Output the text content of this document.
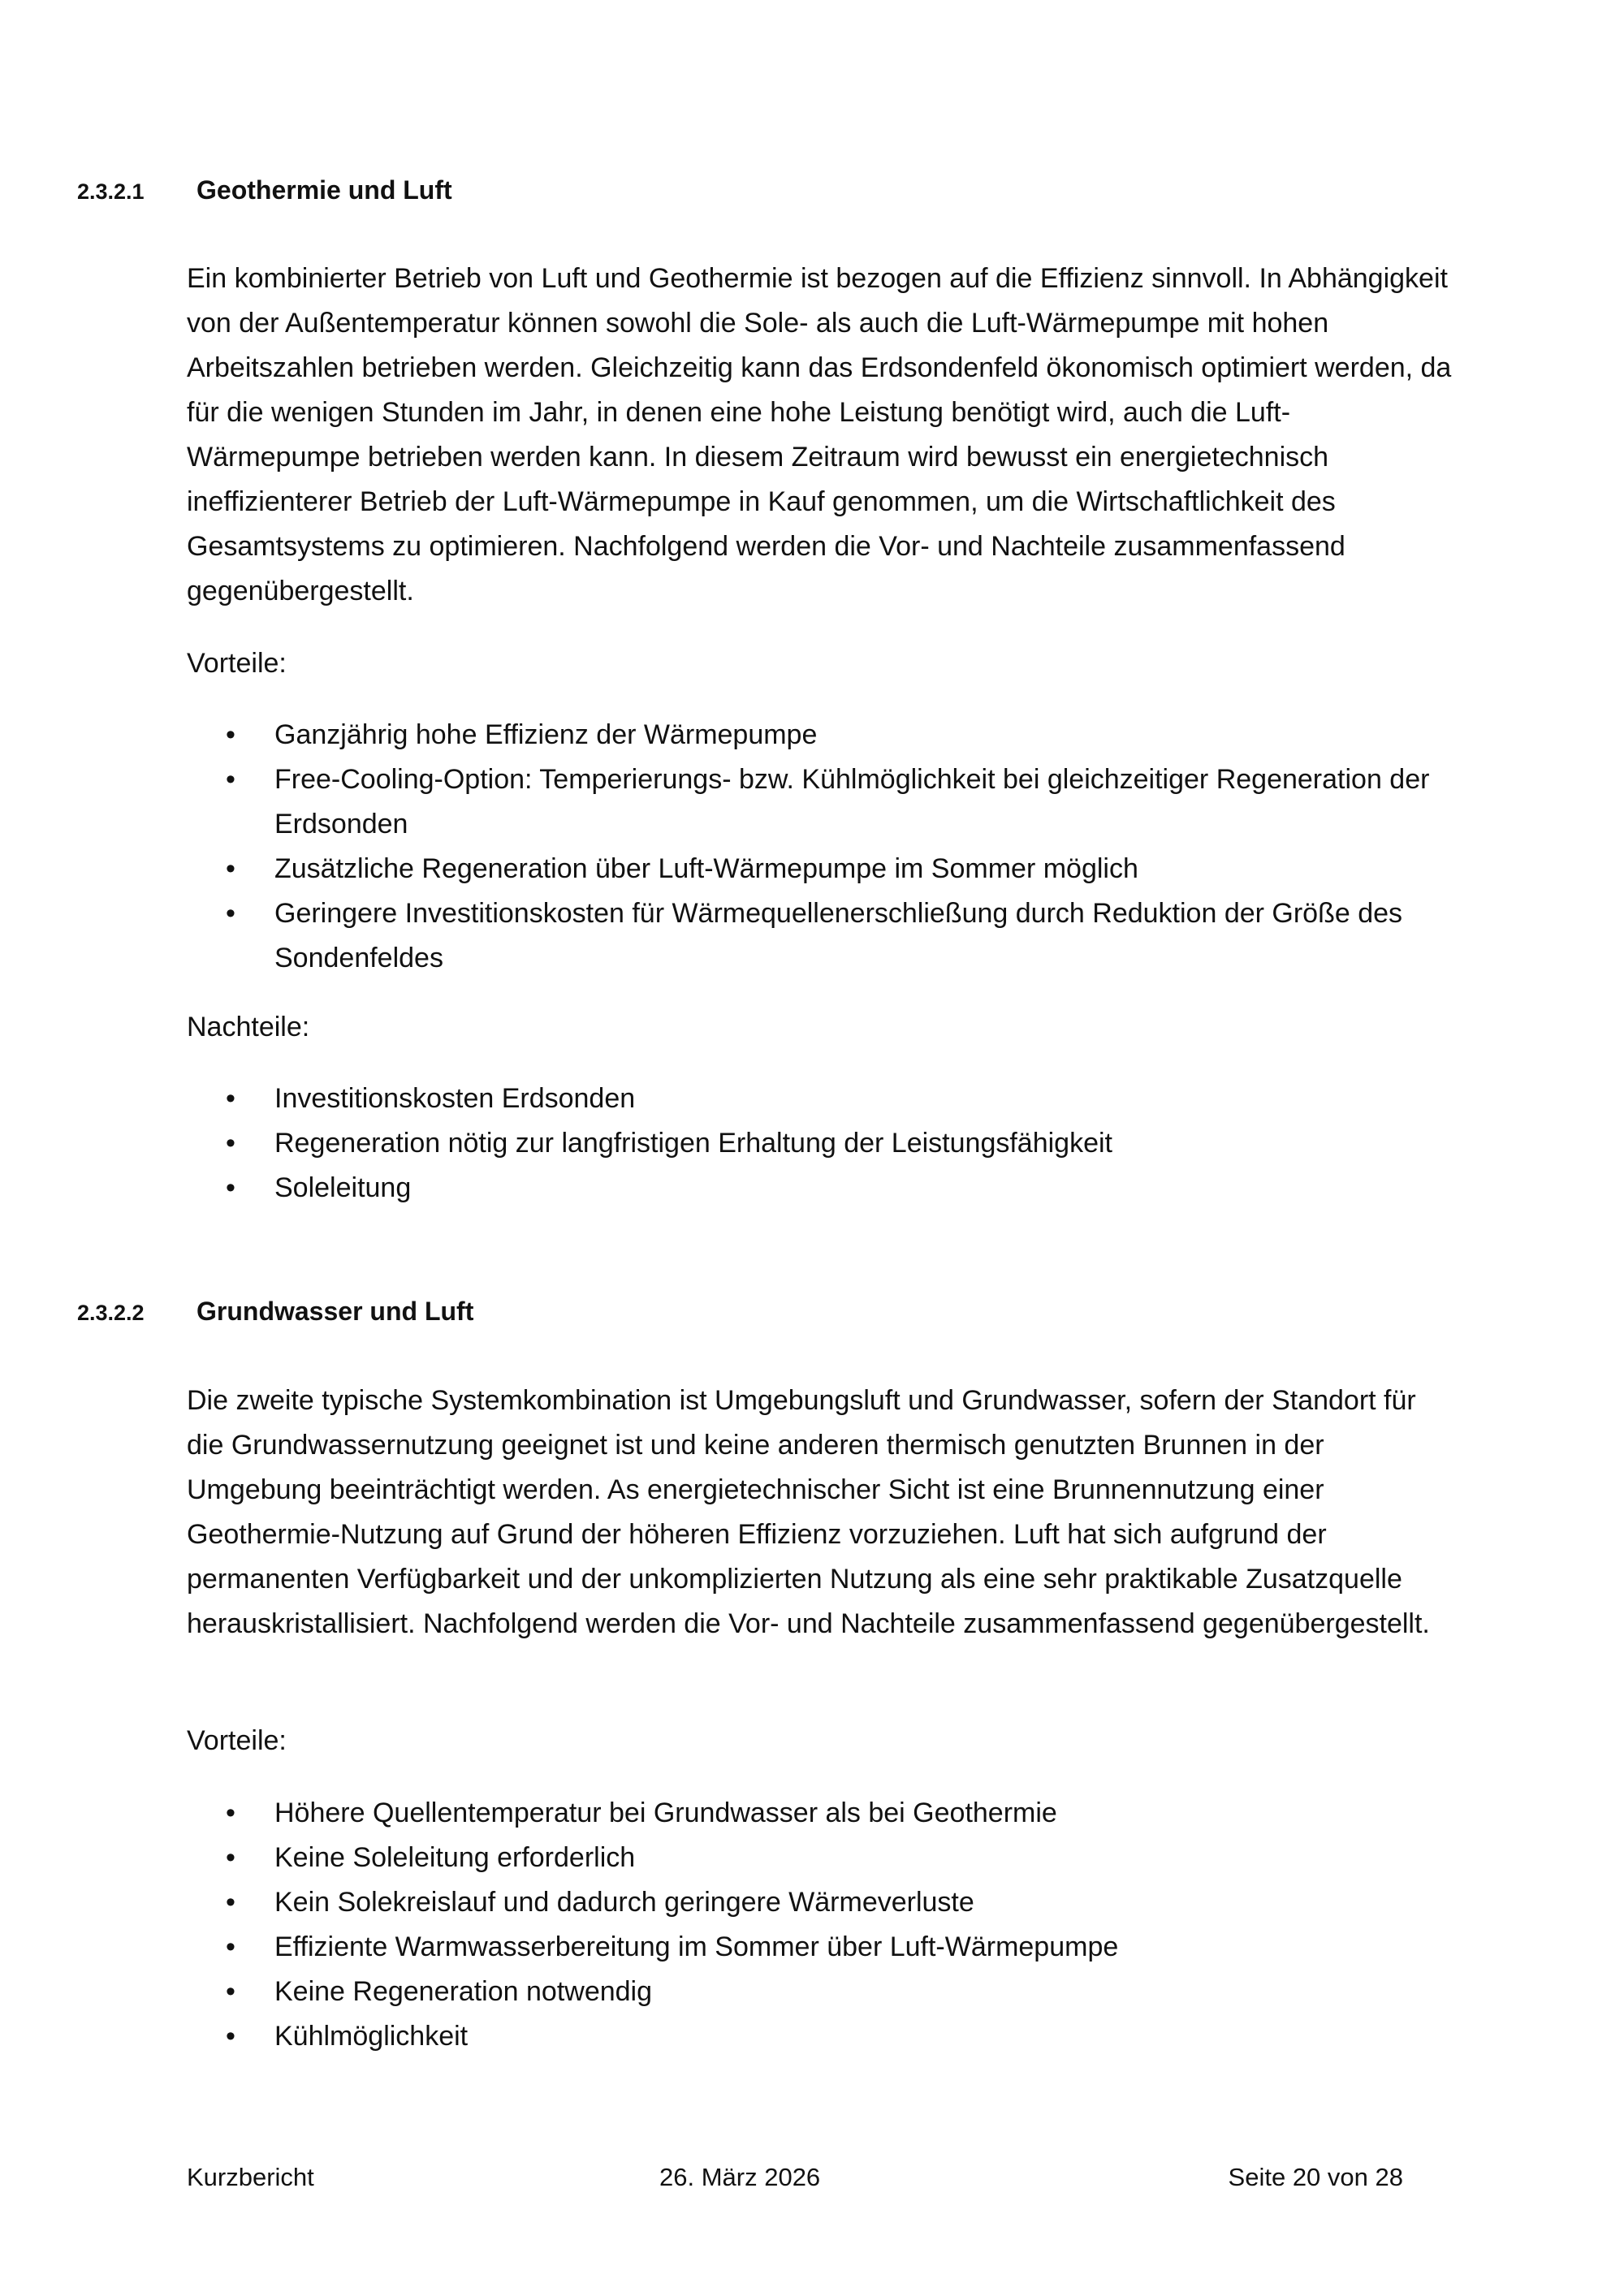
2.3.2.1	Geothermie und Luft

Ein kombinierter Betrieb von Luft und Geothermie ist bezogen auf die Effizienz sinnvoll. In Abhängigkeit von der Außentemperatur können sowohl die Sole- als auch die Luft-Wärmepumpe mit hohen Arbeitszahlen betrieben werden. Gleichzeitig kann das Erdsondenfeld ökonomisch optimiert werden, da für die wenigen Stunden im Jahr, in denen eine hohe Leistung benötigt wird, auch die Luft-Wärmepumpe betrieben werden kann. In diesem Zeitraum wird bewusst ein energietechnisch ineffizienterer Betrieb der Luft-Wärmepumpe in Kauf genommen, um die Wirtschaftlichkeit des Gesamtsystems zu optimieren. Nachfolgend werden die Vor- und Nachteile zusammenfassend gegenübergestellt.

Vorteile:

• Ganzjährig hohe Effizienz der Wärmepumpe
• Free-Cooling-Option: Temperierungs- bzw. Kühlmöglichkeit bei gleichzeitiger Regeneration der Erdsonden
• Zusätzliche Regeneration über Luft-Wärmepumpe im Sommer möglich
• Geringere Investitionskosten für Wärmequellenerschließung durch Reduktion der Größe des Sondenfeldes

Nachteile:

• Investitionskosten Erdsonden
• Regeneration nötig zur langfristigen Erhaltung der Leistungsfähigkeit
• Soleleitung
2.3.2.2	Grundwasser und Luft

Die zweite typische Systemkombination ist Umgebungsluft und Grundwasser, sofern der Standort für die Grundwassernutzung geeignet ist und keine anderen thermisch genutzten Brunnen in der Umgebung beeinträchtigt werden. As energietechnischer Sicht ist eine Brunnennutzung einer Geothermie-Nutzung auf Grund der höheren Effizienz vorzuziehen. Luft hat sich aufgrund der permanenten Verfügbarkeit und der unkomplizierten Nutzung als eine sehr praktikable Zusatzquelle herauskristallisiert. Nachfolgend werden die Vor- und Nachteile zusammenfassend gegenübergestellt.

Vorteile:

• Höhere Quellentemperatur bei Grundwasser als bei Geothermie
• Keine Soleleitung erforderlich
• Kein Solekreislauf und dadurch geringere Wärmeverluste
• Effiziente Warmwasserbereitung im Sommer über Luft-Wärmepumpe
• Keine Regeneration notwendig
• Kühlmöglichkeit
Kurzbericht	26. März 2026	Seite 20 von 28
